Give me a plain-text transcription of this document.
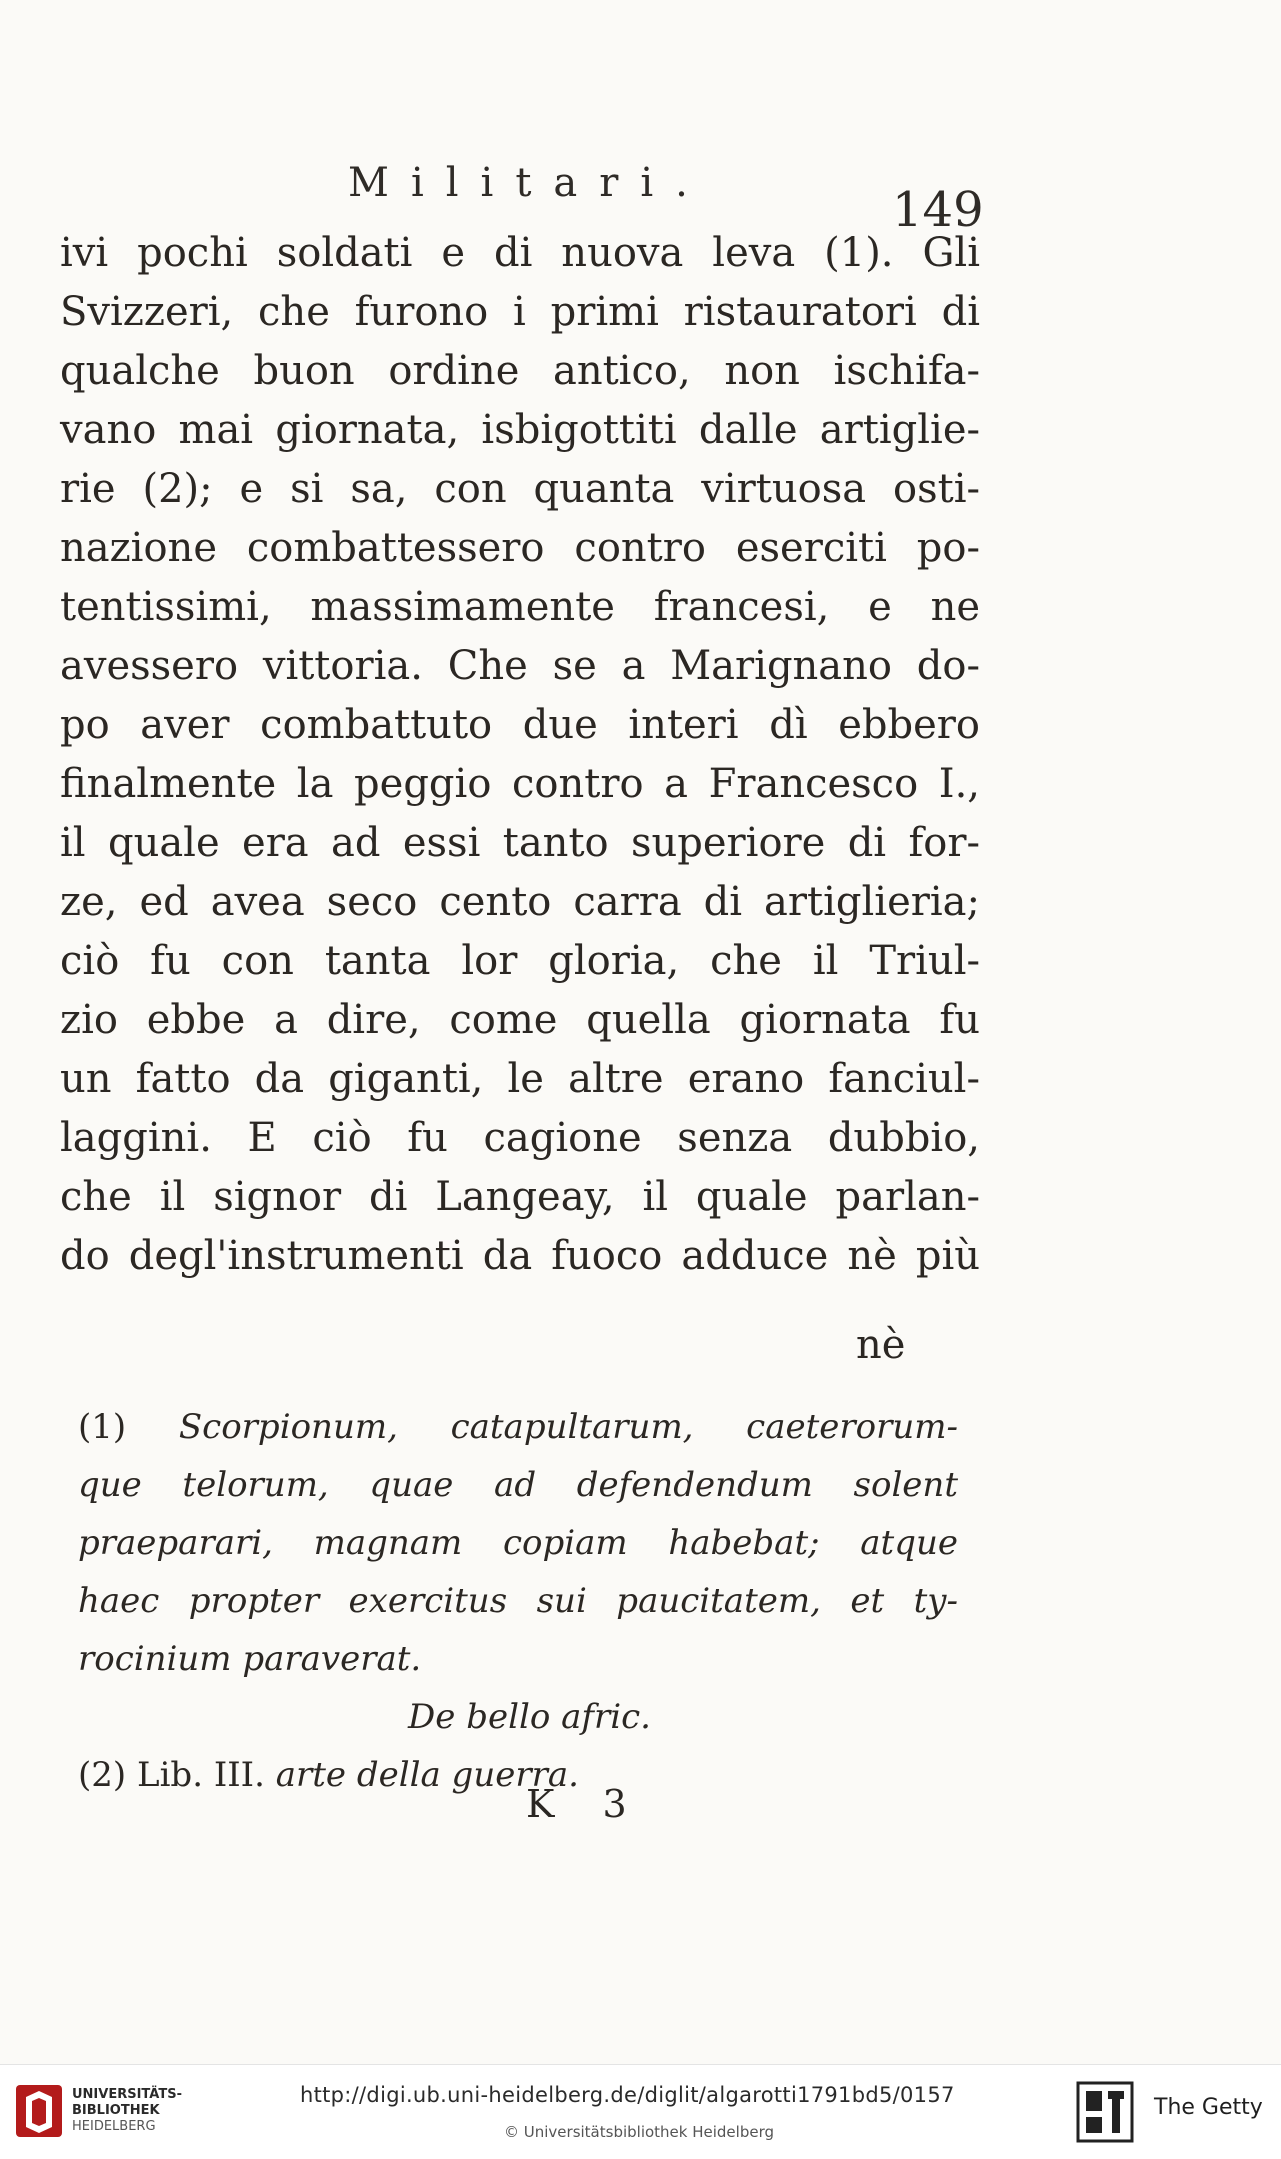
Militari.	149
ivi pochi soldati e di nuova leva (1). Gli
Svizzeri, che furono i primi ristauratori di
qualche buon ordine antico, non ischifa-
vano mai giornata, isbigottiti dalle artiglie-
rie (2); e si sa, con quanta virtuosa osti-
nazione combattessero contro eserciti po-
tentissimi, massimamente francesi, e ne
avessero vittoria. Che se a Marignano do-
po aver combattuto due interi dì ebbero
finalmente la peggio contro a Francesco I.,
il quale era ad essi tanto superiore di for-
ze, ed avea seco cento carra di artiglieria;
ciò fu con tanta lor gloria, che il Triul-
zio ebbe a dire, come quella giornata fu
un fatto da giganti, le altre erano fanciul-
laggini. E ciò fu cagione senza dubbio,
che il signor di Langeay, il quale parlan-
do degl'instrumenti da fuoco adduce nè più
nè
(1) Scorpionum, catapultarum, caeterorum-
que telorum, quae ad defendendum solent
praeparari, magnam copiam habebat; atque
haec propter exercitus sui paucitatem, et ty-
rocinium paraverat.
De bello afric.
(2) Lib. III. arte della guerra.
K 3
UNIVERSITÄTS-
BIBLIOTHEK
HEIDELBERG
http://digi.ub.uni-heidelberg.de/diglit/algarotti1791bd5/0157
© Universitätsbibliothek Heidelberg
The Getty
